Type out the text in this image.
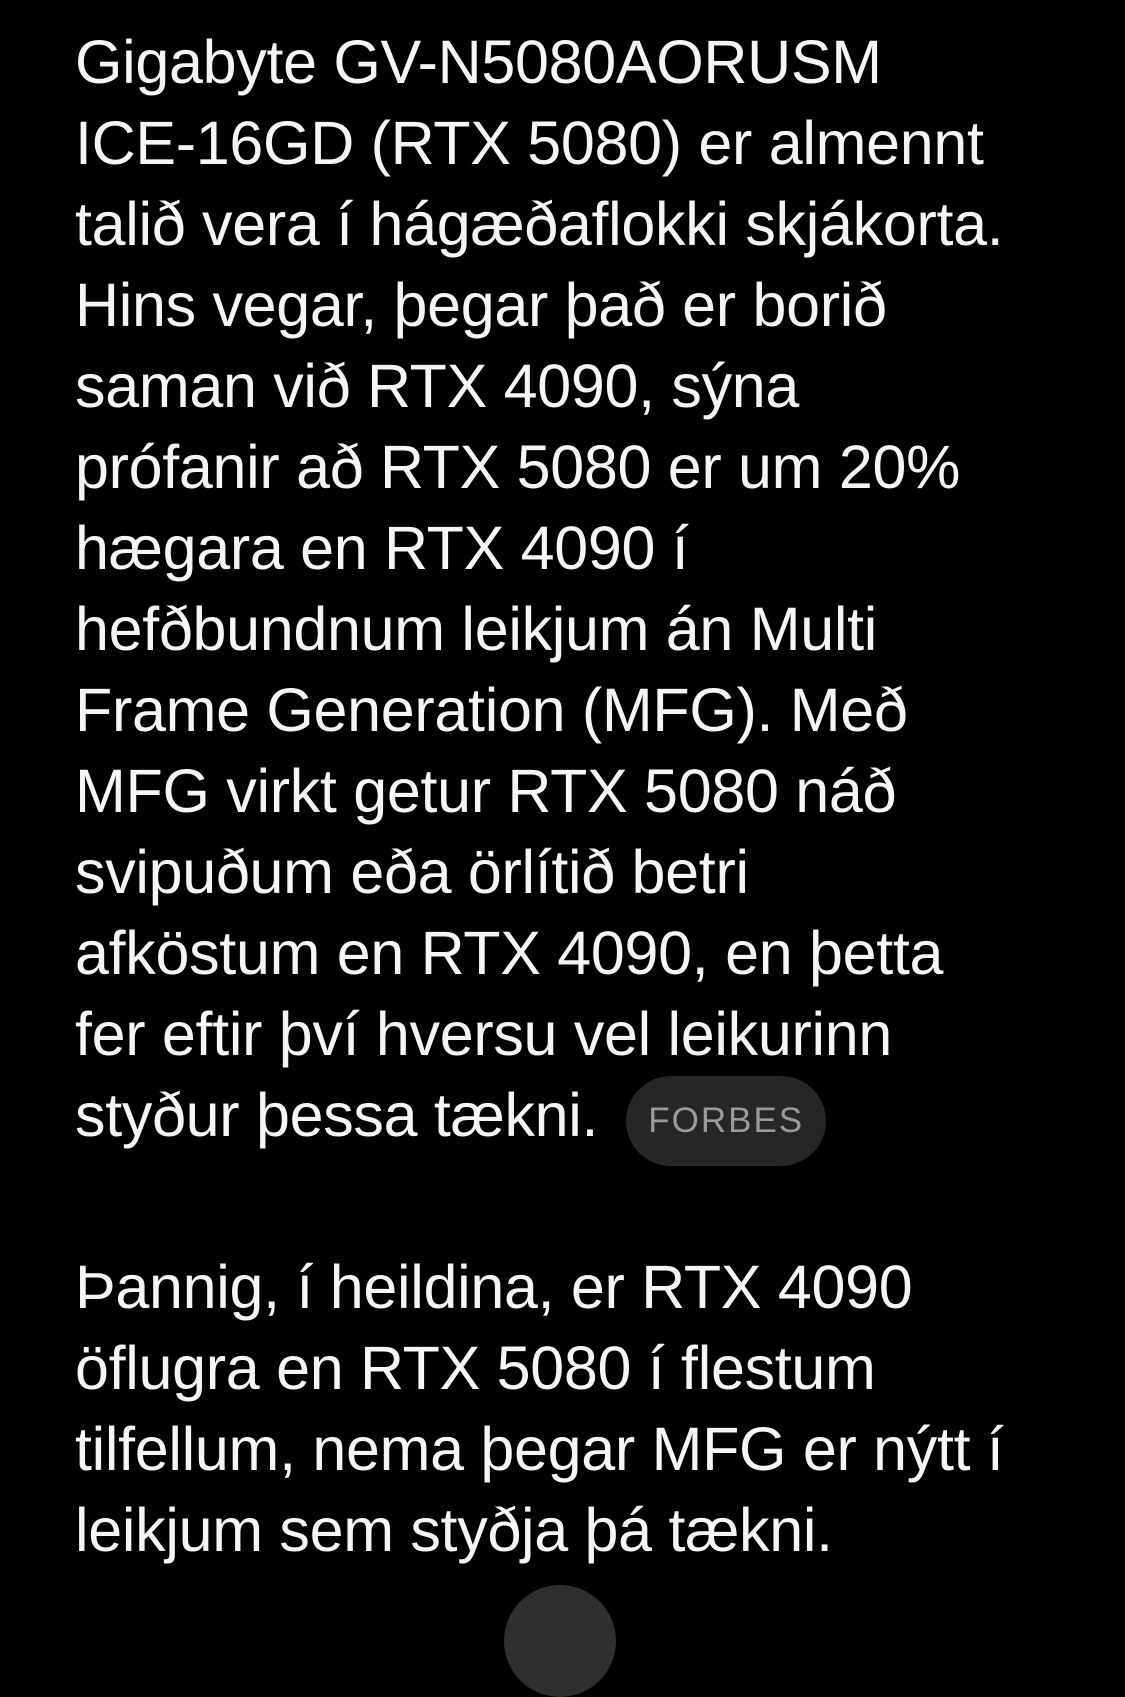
Gigabyte GV-N5080AORUSM
ICE-16GD (RTX 5080) er almennt
talið vera í hágæðaflokki skjákorta.
Hins vegar, þegar það er borið
saman við RTX 4090, sýna
prófanir að RTX 5080 er um 20%
hægara en RTX 4090 í
hefðbundnum leikjum án Multi
Frame Generation (MFG). Með
MFG virkt getur RTX 5080 náð
svipuðum eða örlítið betri
afköstum en RTX 4090, en þetta
fer eftir því hversu vel leikurinn
styður þessa tækni. FORBES

Þannig, í heildina, er RTX 4090
öflugra en RTX 5080 í flestum
tilfellum, nema þegar MFG er nýtt í
leikjum sem styðja þá tækni.
